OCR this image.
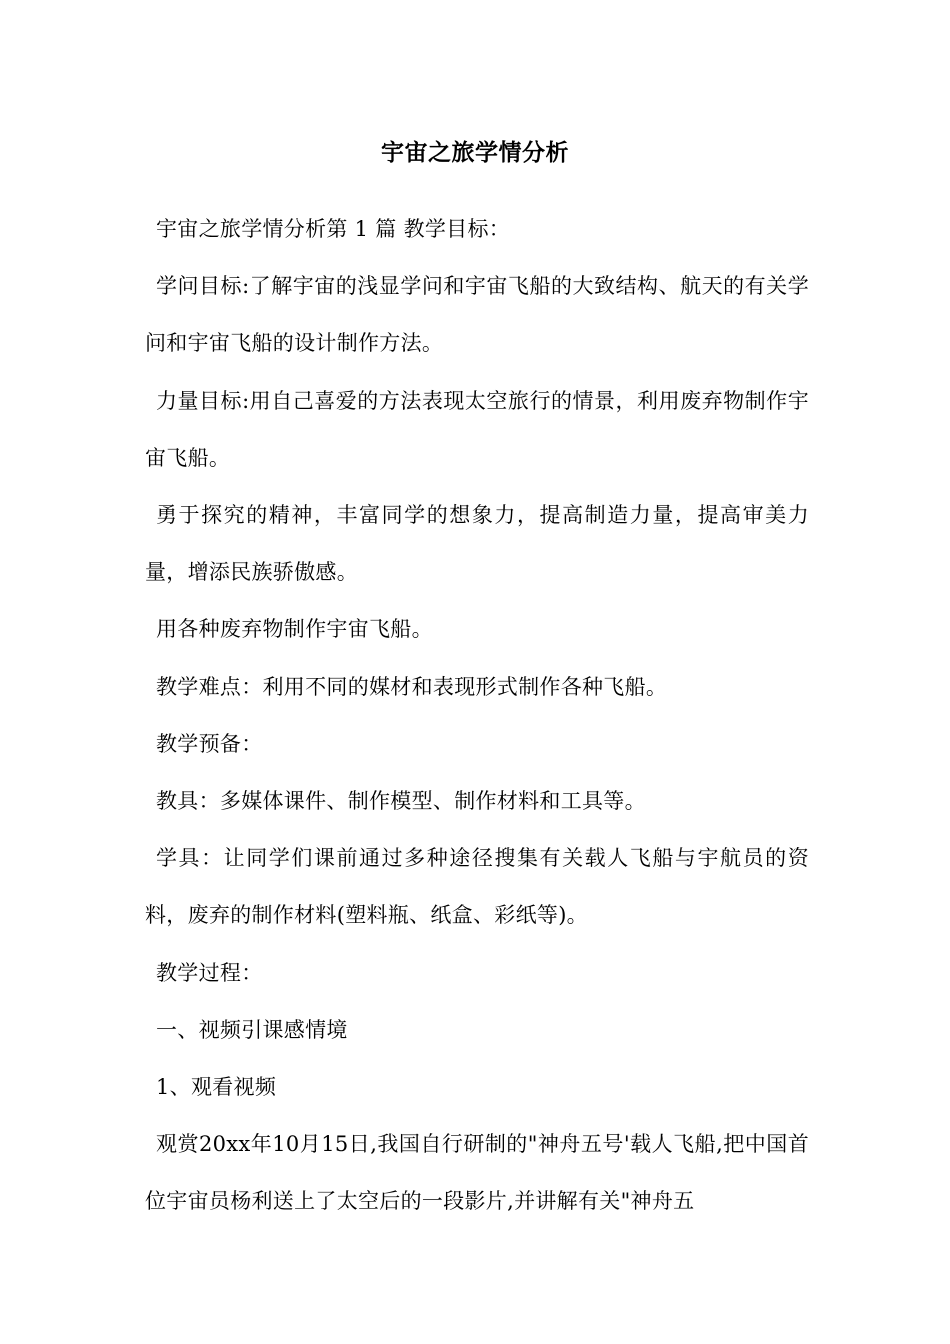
宇宙之旅学情分析

宇宙之旅学情分析第 1 篇 教学目标：

学问目标:了解宇宙的浅显学问和宇宙飞船的大致结构、航天的有关学问和宇宙飞船的设计制作方法。

力量目标:用自己喜爱的方法表现太空旅行的情景，利用废弃物制作宇宙飞船。

勇于探究的精神，丰富同学的想象力，提高制造力量，提高审美力量，增添民族骄傲感。

用各种废弃物制作宇宙飞船。

教学难点：利用不同的媒材和表现形式制作各种飞船。

教学预备：

教具：多媒体课件、制作模型、制作材料和工具等。

学具：让同学们课前通过多种途径搜集有关载人飞船与宇航员的资料，废弃的制作材料(塑料瓶、纸盒、彩纸等)。

教学过程：

一、视频引课感情境

1、观看视频

观赏20xx年10月15日,我国自行研制的"神舟五号'载人飞船,把中国首位宇宙员杨利送上了太空后的一段影片,并讲解有关"神舟五
